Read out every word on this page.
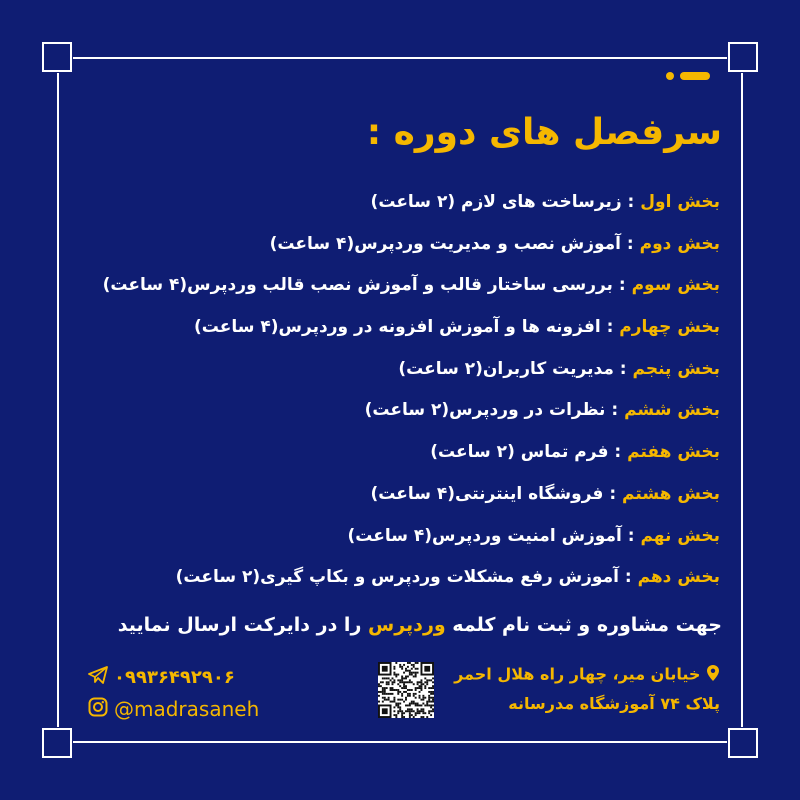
سرفصل های دوره :
بخش اول : زیرساخت های لازم (۲ ساعت)
بخش دوم : آموزش نصب و مدیریت وردپرس(۴ ساعت)
بخش سوم : بررسی ساختار قالب و آموزش نصب قالب وردپرس(۴ ساعت)
بخش چهارم : افزونه ها و آموزش افزونه در وردپرس(۴ ساعت)
بخش پنجم : مدیریت کاربران(۲ ساعت)
بخش ششم : نظرات در وردپرس(۲ ساعت)
بخش هفتم : فرم تماس (۲ ساعت)
بخش هشتم : فروشگاه اینترنتی(۴ ساعت)
بخش نهم : آموزش امنیت وردپرس(۴ ساعت)
بخش دهم : آموزش رفع مشکلات وردپرس و بکاپ گیری(۲ ساعت)
جهت مشاوره و ثبت نام کلمه وردپرس را در دایرکت ارسال نمایید
۰۹۹۳۶۴۹۲۹۰۶
@madrasaneh
خیابان میر، چهار راه هلال احمر
پلاک ۷۴ آموزشگاه مدرسانه
